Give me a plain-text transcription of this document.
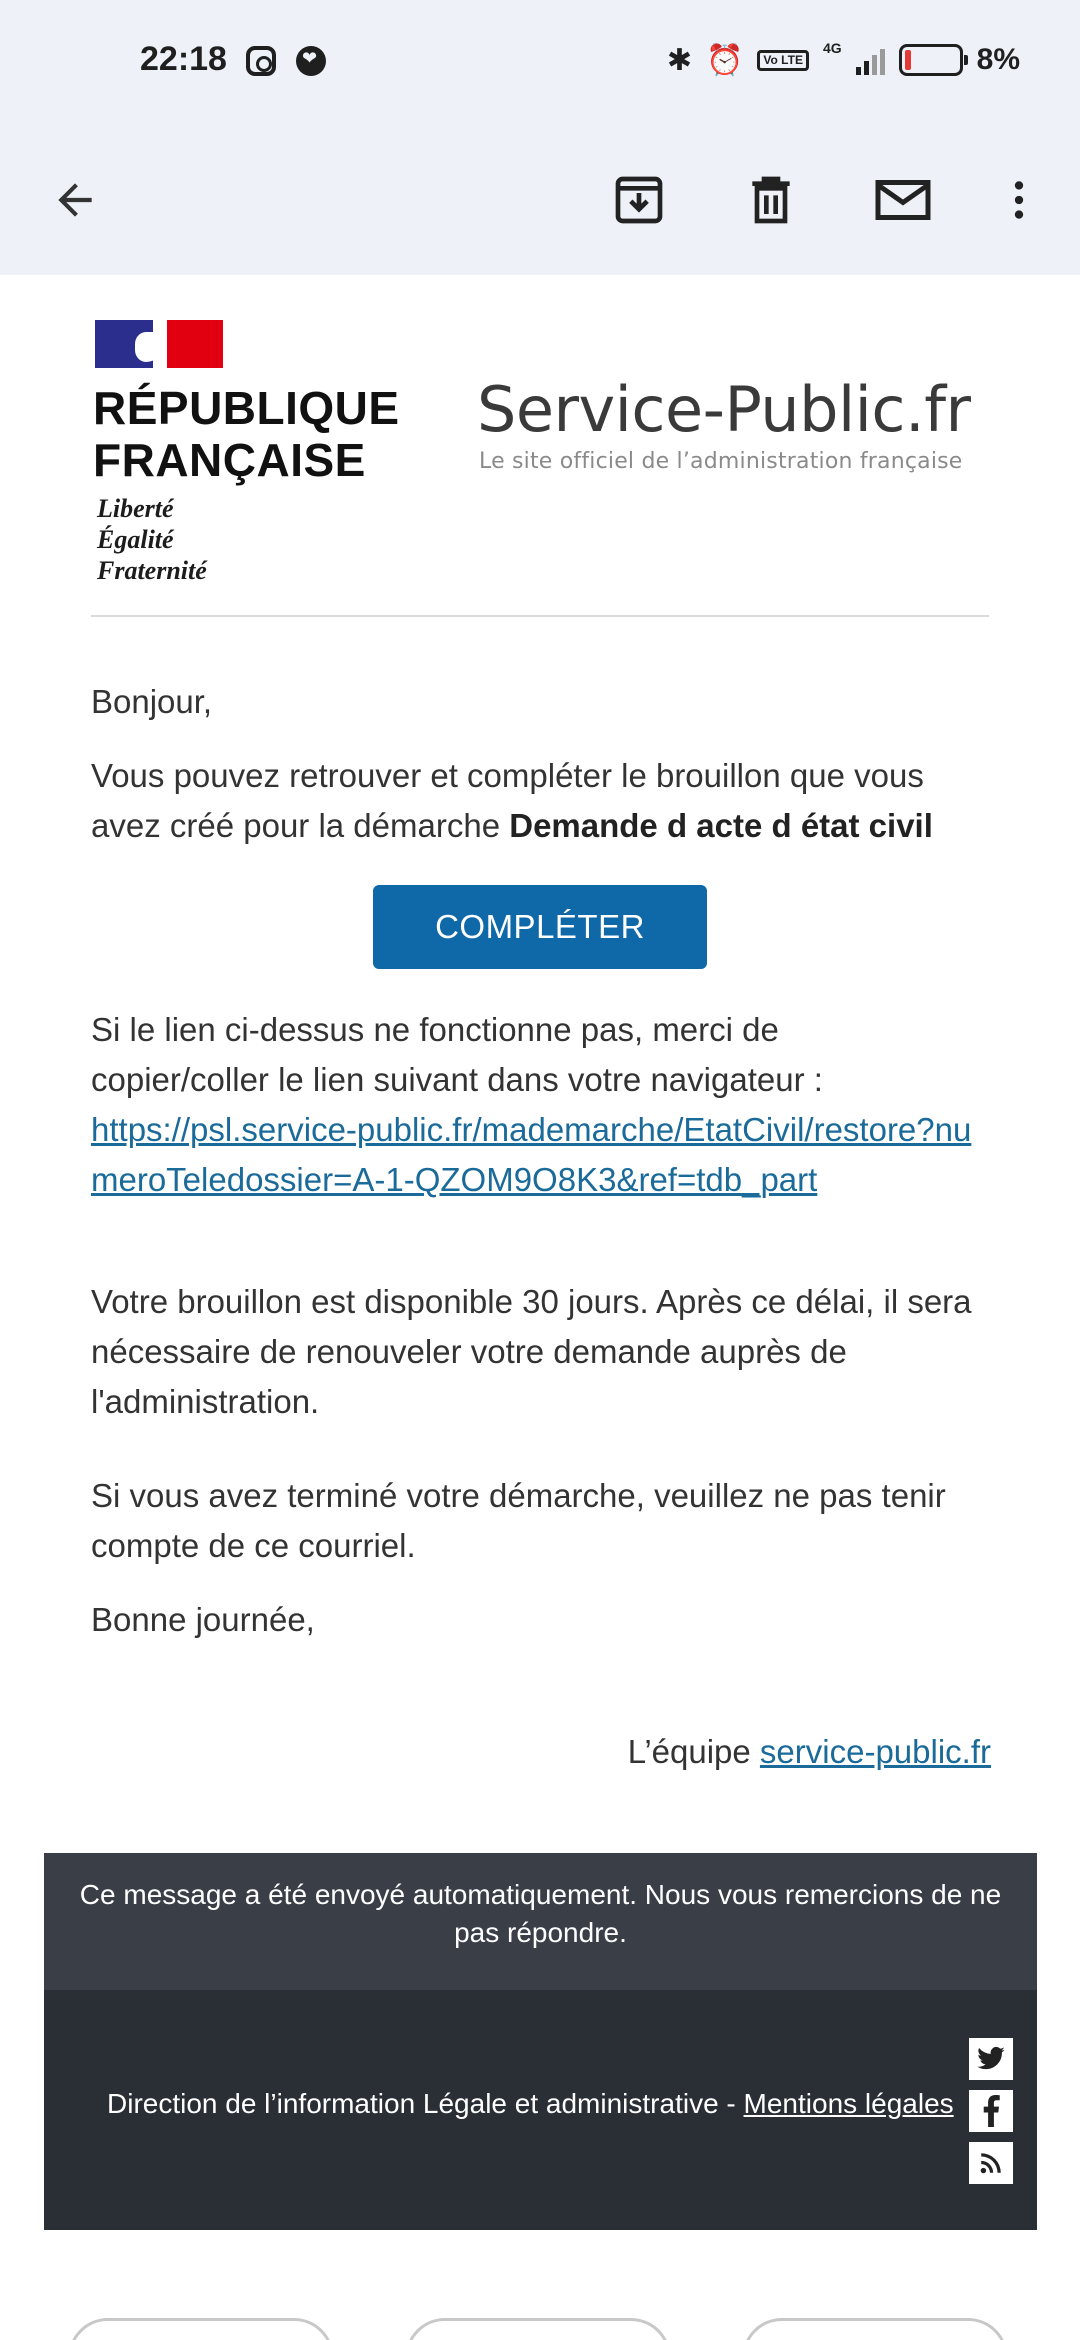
22:18
❤	✱ ⏰	Vo LTE
4G	8%
RÉPUBLIQUE
FRANÇAISE
Liberté
Égalité
Fraternité
Service-Public.fr
Le site officiel de l’administration française
Bonjour,
Vous pouvez retrouver et compléter le brouillon que vous avez créé pour la démarche Demande d acte d état civil
COMPLÉTER
Si le lien ci-dessus ne fonctionne pas, merci de copier/coller le lien suivant dans votre navigateur :
https://psl.service-public.fr/mademarche/EtatCivil/restore?numeroTeledossier=A-1-QZOM9O8K3&ref=tdb_part
Votre brouillon est disponible 30 jours. Après ce délai, il sera nécessaire de renouveler votre demande auprès de l'administration.
Si vous avez terminé votre démarche, veuillez ne pas tenir compte de ce courriel.
Bonne journée,
L’équipe service-public.fr
Ce message a été envoyé automatiquement. Nous vous remercions de ne pas répondre.
Direction de l’information Légale et administrative - Mentions légales
